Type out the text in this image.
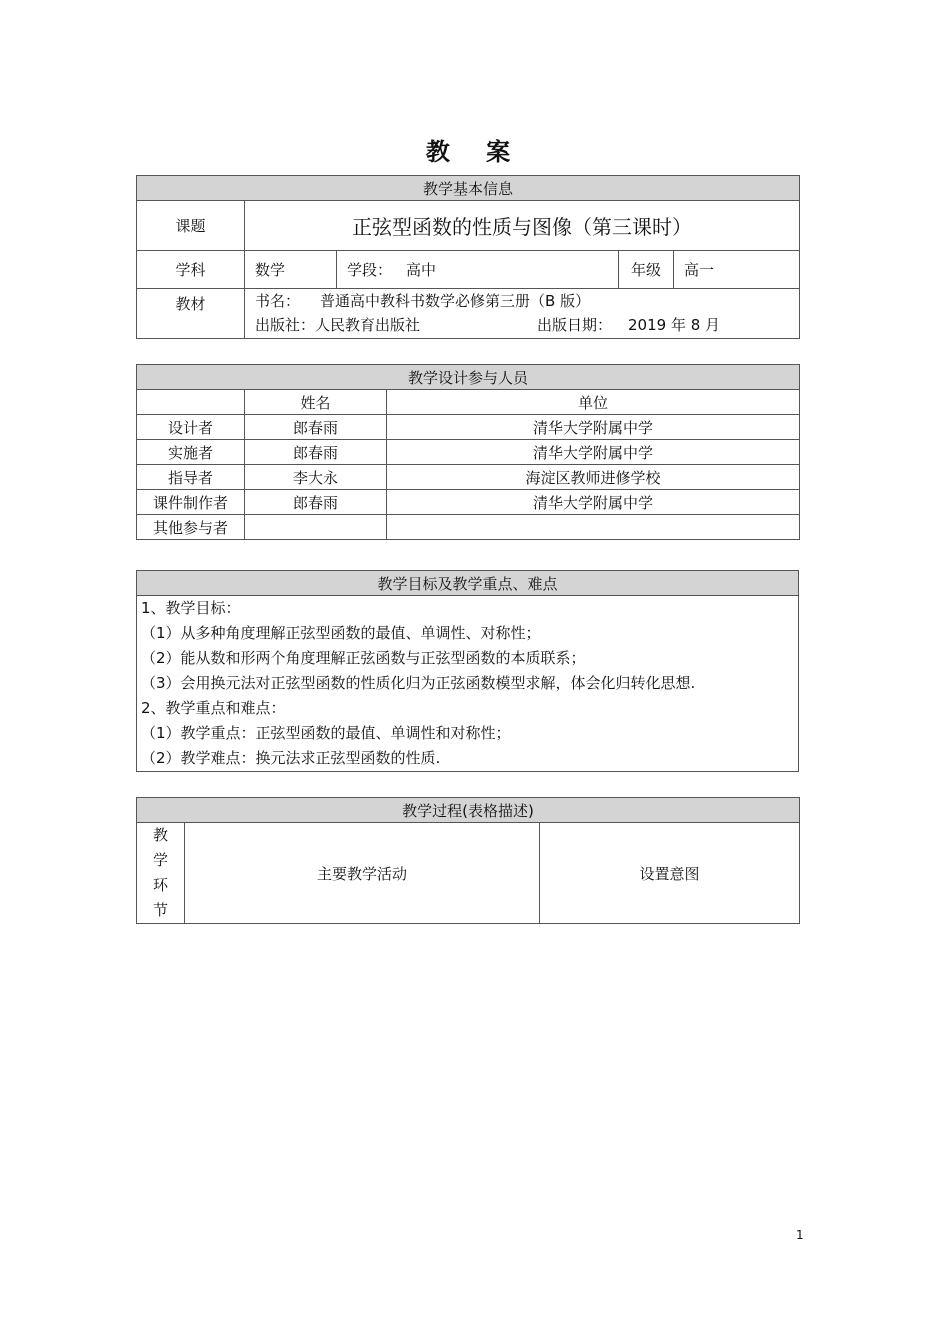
教 案
教学基本信息				
课题	正弦型函数的性质与图像（第三课时）			
学科	数学	学段： 高中	年级	高一
教材	书名： 普通高中教科书数学必修第三册（B 版）
出版社：人民教育出版社 出版日期： 2019 年 8 月			
教学设计参与人员		
	姓名	单位
设计者	郎春雨	清华大学附属中学
实施者	郎春雨	清华大学附属中学
指导者	李大永	海淀区教师进修学校
课件制作者	郎春雨	清华大学附属中学
其他参与者		
教学目标及教学重点、难点

1、教学目标：
（1）从多种角度理解正弦型函数的最值、单调性、对称性；
（2）能从数和形两个角度理解正弦函数与正弦型函数的本质联系；
（3）会用换元法对正弦型函数的性质化归为正弦函数模型求解，体会化归转化思想.
2、教学重点和难点：
（1）教学重点：正弦型函数的最值、单调性和对称性；
（2）教学难点：换元法求正弦型函数的性质.
教学过程(表格描述)

教
学
环
节
	主要教学活动	设置意图
1
